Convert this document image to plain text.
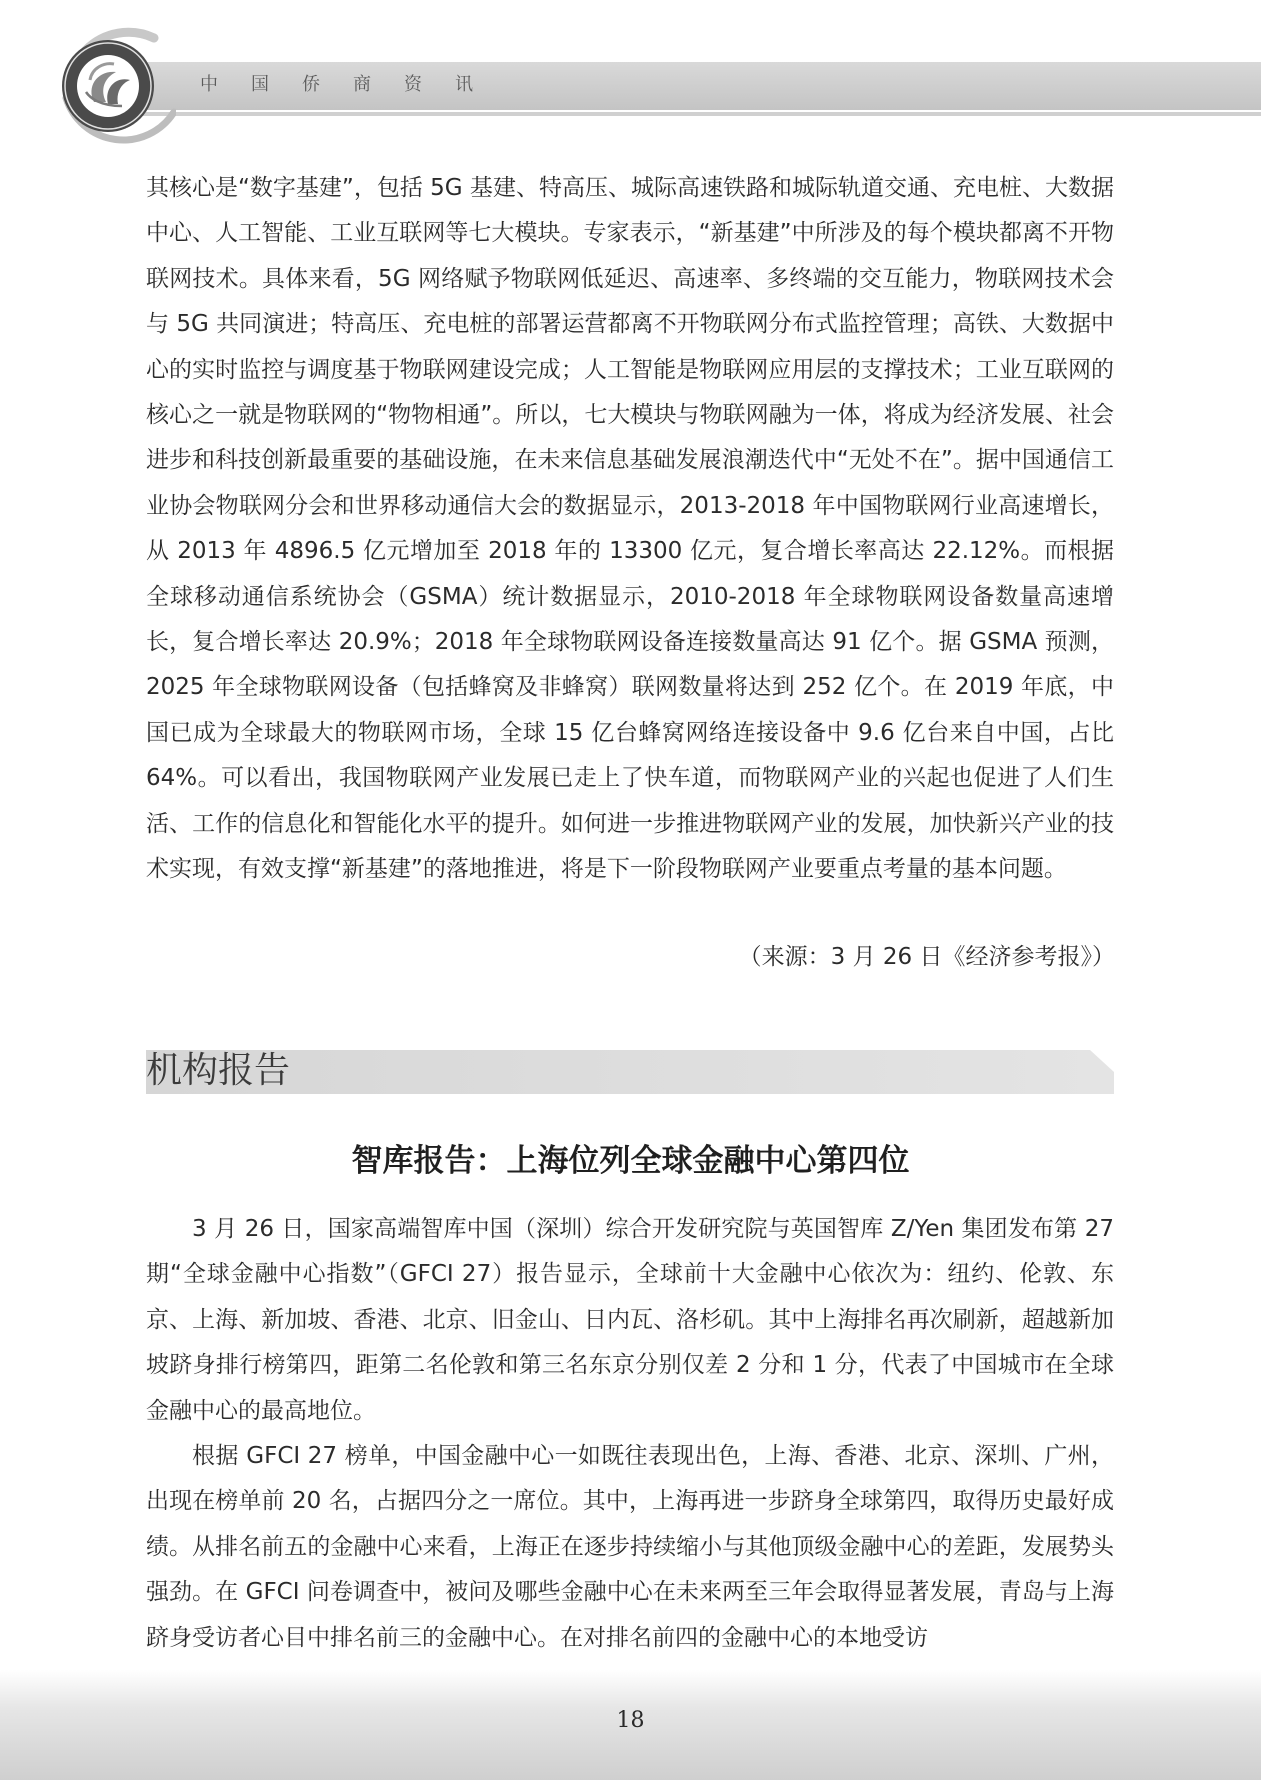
中国侨商资讯

其核心是“数字基建”，包括 5G 基建、特高压、城际高速铁路和城际轨道交通、充电桩、大数据中心、人工智能、工业互联网等七大模块。专家表示，“新基建”中所涉及的每个模块都离不开物联网技术。具体来看，5G 网络赋予物联网低延迟、高速率、多终端的交互能力，物联网技术会与 5G 共同演进；特高压、充电桩的部署运营都离不开物联网分布式监控管理；高铁、大数据中心的实时监控与调度基于物联网建设完成；人工智能是物联网应用层的支撑技术；工业互联网的核心之一就是物联网的“物物相通”。所以，七大模块与物联网融为一体，将成为经济发展、社会进步和科技创新最重要的基础设施，在未来信息基础发展浪潮迭代中“无处不在”。据中国通信工业协会物联网分会和世界移动通信大会的数据显示，2013-2018 年中国物联网行业高速增长，从 2013 年 4896.5 亿元增加至 2018 年的 13300 亿元，复合增长率高达 22.12%。而根据全球移动通信系统协会（GSMA）统计数据显示，2010-2018 年全球物联网设备数量高速增长，复合增长率达 20.9%；2018 年全球物联网设备连接数量高达 91 亿个。据 GSMA 预测，2025 年全球物联网设备（包括蜂窝及非蜂窝）联网数量将达到 252 亿个。在 2019 年底，中国已成为全球最大的物联网市场，全球 15 亿台蜂窝网络连接设备中 9.6 亿台来自中国，占比 64%。可以看出，我国物联网产业发展已走上了快车道，而物联网产业的兴起也促进了人们生活、工作的信息化和智能化水平的提升。如何进一步推进物联网产业的发展，加快新兴产业的技术实现，有效支撑“新基建”的落地推进，将是下一阶段物联网产业要重点考量的基本问题。

（来源：3 月 26 日《经济参考报》）
机构报告
智库报告：上海位列全球金融中心第四位

3 月 26 日，国家高端智库中国（深圳）综合开发研究院与英国智库 Z/Yen 集团发布第 27 期“全球金融中心指数”（GFCI 27）报告显示，全球前十大金融中心依次为：纽约、伦敦、东京、上海、新加坡、香港、北京、旧金山、日内瓦、洛杉矶。其中上海排名再次刷新，超越新加坡跻身排行榜第四，距第二名伦敦和第三名东京分别仅差 2 分和 1 分，代表了中国城市在全球金融中心的最高地位。

根据 GFCI 27 榜单，中国金融中心一如既往表现出色，上海、香港、北京、深圳、广州，出现在榜单前 20 名，占据四分之一席位。其中，上海再进一步跻身全球第四，取得历史最好成绩。从排名前五的金融中心来看，上海正在逐步持续缩小与其他顶级金融中心的差距，发展势头强劲。在 GFCI 问卷调查中，被问及哪些金融中心在未来两至三年会取得显著发展，青岛与上海跻身受访者心目中排名前三的金融中心。在对排名前四的金融中心的本地受访

18
